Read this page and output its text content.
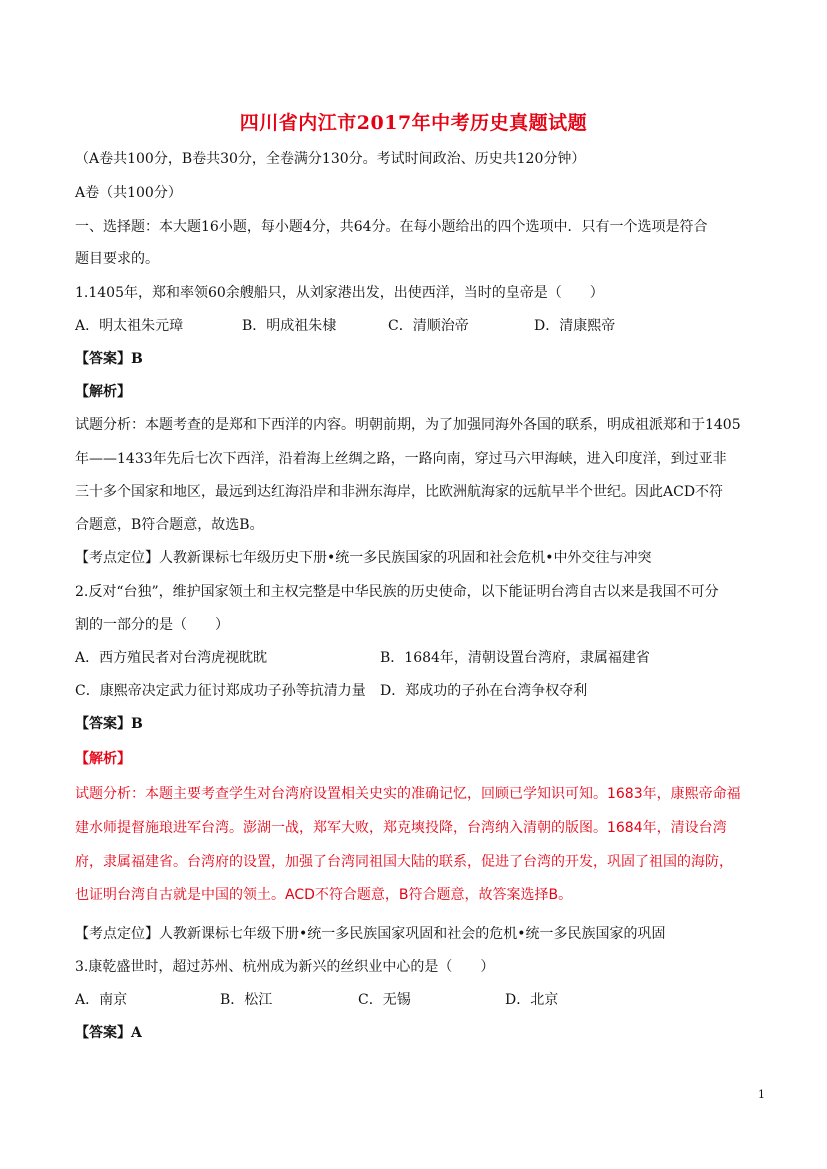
四川省内江市2017年中考历史真题试题
（A卷共100分，B卷共30分，全卷满分130分。考试时间政治、历史共120分钟）
A卷（共100分）
一、选择题：本大题16小题，每小题4分，共64分。在每小题给出的四个选项中．只有一个选项是符合
题目要求的。
1.1405年，郑和率领60余艘船只，从刘家港出发，出使西洋，当时的皇帝是（　　）
A．明太祖朱元璋	B．明成祖朱棣	C．清顺治帝	D．清康熙帝
【答案】B
【解析】
试题分析：本题考查的是郑和下西洋的内容。明朝前期，为了加强同海外各国的联系，明成祖派郑和于1405
年——1433年先后七次下西洋，沿着海上丝绸之路，一路向南，穿过马六甲海峡，进入印度洋，到过亚非
三十多个国家和地区，最远到达红海沿岸和非洲东海岸，比欧洲航海家的远航早半个世纪。因此ACD不符
合题意，B符合题意，故选B。
【考点定位】人教新课标七年级历史下册•统一多民族国家的巩固和社会危机•中外交往与冲突
2.反对“台独”，维护国家领土和主权完整是中华民族的历史使命，以下能证明台湾自古以来是我国不可分
割的一部分的是（　　）
A．西方殖民者对台湾虎视眈眈	B．1684年，清朝设置台湾府，隶属福建省
C．康熙帝决定武力征讨郑成功子孙等抗清力量 D．郑成功的子孙在台湾争权夺利
【答案】B
【解析】
试题分析：本题主要考查学生对台湾府设置相关史实的准确记忆，回顾已学知识可知。1683年，康熙帝命福
建水师提督施琅进军台湾。澎湖一战，郑军大败，郑克塽投降，台湾纳入清朝的版图。1684年，清设台湾
府，隶属福建省。台湾府的设置，加强了台湾同祖国大陆的联系，促进了台湾的开发，巩固了祖国的海防，
也证明台湾自古就是中国的领土。ACD不符合题意，B符合题意，故答案选择B。
【考点定位】人教新课标七年级下册•统一多民族国家巩固和社会的危机•统一多民族国家的巩固
3.康乾盛世时，超过苏州、杭州成为新兴的丝织业中心的是（　　）
A．南京	B．松江	C．无锡	D．北京
【答案】A
1
